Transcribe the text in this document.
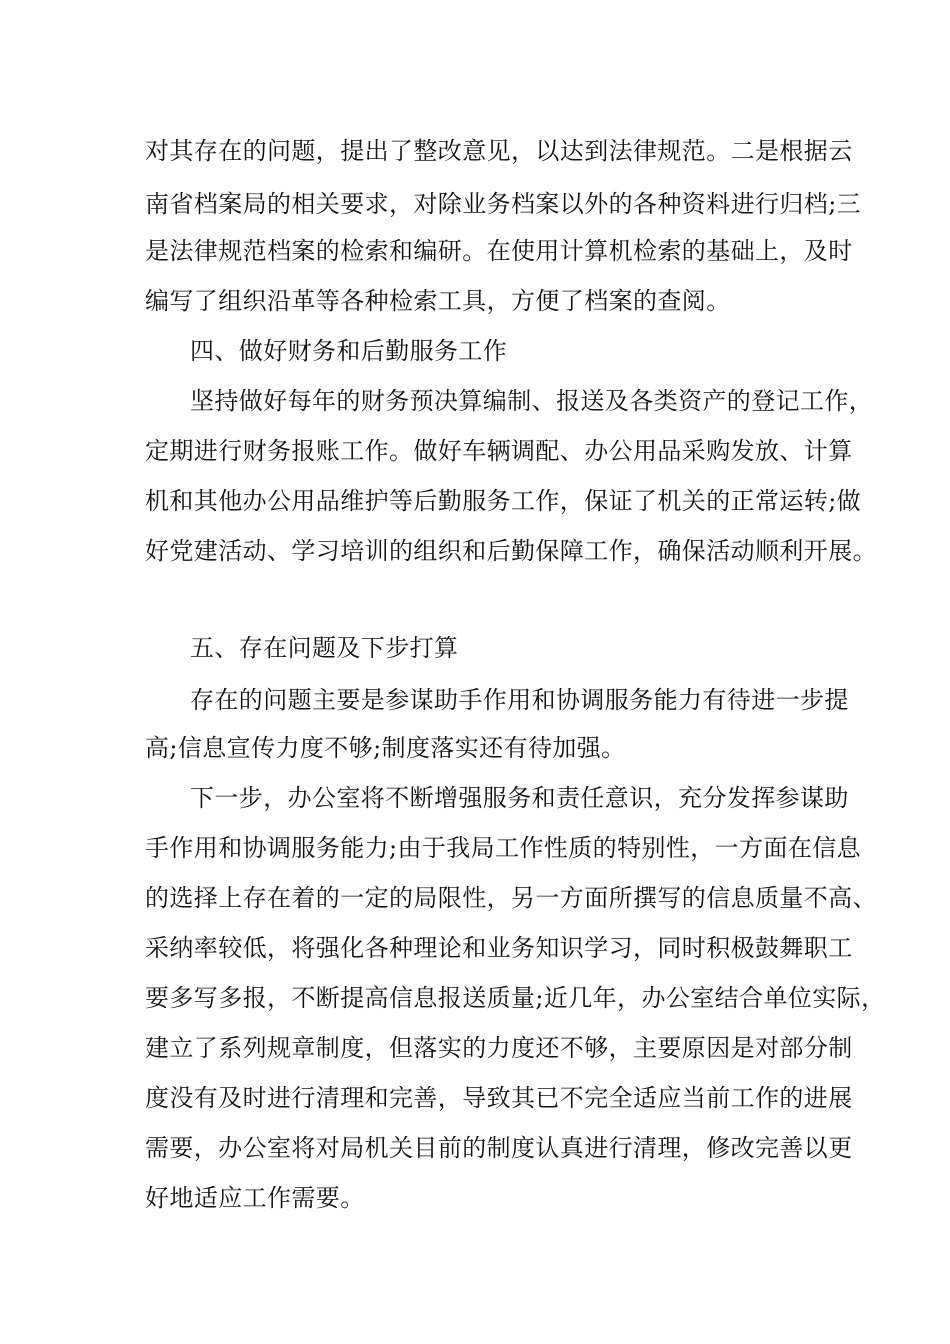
对其存在的问题，提出了整改意见，以达到法律规范。二是根据云
南省档案局的相关要求，对除业务档案以外的各种资料进行归档;三
是法律规范档案的检索和编研。在使用计算机检索的基础上，及时
编写了组织沿革等各种检索工具，方便了档案的查阅。
四、做好财务和后勤服务工作
坚持做好每年的财务预决算编制、报送及各类资产的登记工作，
定期进行财务报账工作。做好车辆调配、办公用品采购发放、计算
机和其他办公用品维护等后勤服务工作，保证了机关的正常运转;做
好党建活动、学习培训的组织和后勤保障工作，确保活动顺利开展。
五、存在问题及下步打算
存在的问题主要是参谋助手作用和协调服务能力有待进一步提
高;信息宣传力度不够;制度落实还有待加强。
下一步，办公室将不断增强服务和责任意识，充分发挥参谋助
手作用和协调服务能力;由于我局工作性质的特别性，一方面在信息
的选择上存在着的一定的局限性，另一方面所撰写的信息质量不高、
采纳率较低，将强化各种理论和业务知识学习，同时积极鼓舞职工
要多写多报，不断提高信息报送质量;近几年，办公室结合单位实际，
建立了系列规章制度，但落实的力度还不够，主要原因是对部分制
度没有及时进行清理和完善，导致其已不完全适应当前工作的进展
需要，办公室将对局机关目前的制度认真进行清理，修改完善以更
好地适应工作需要。
